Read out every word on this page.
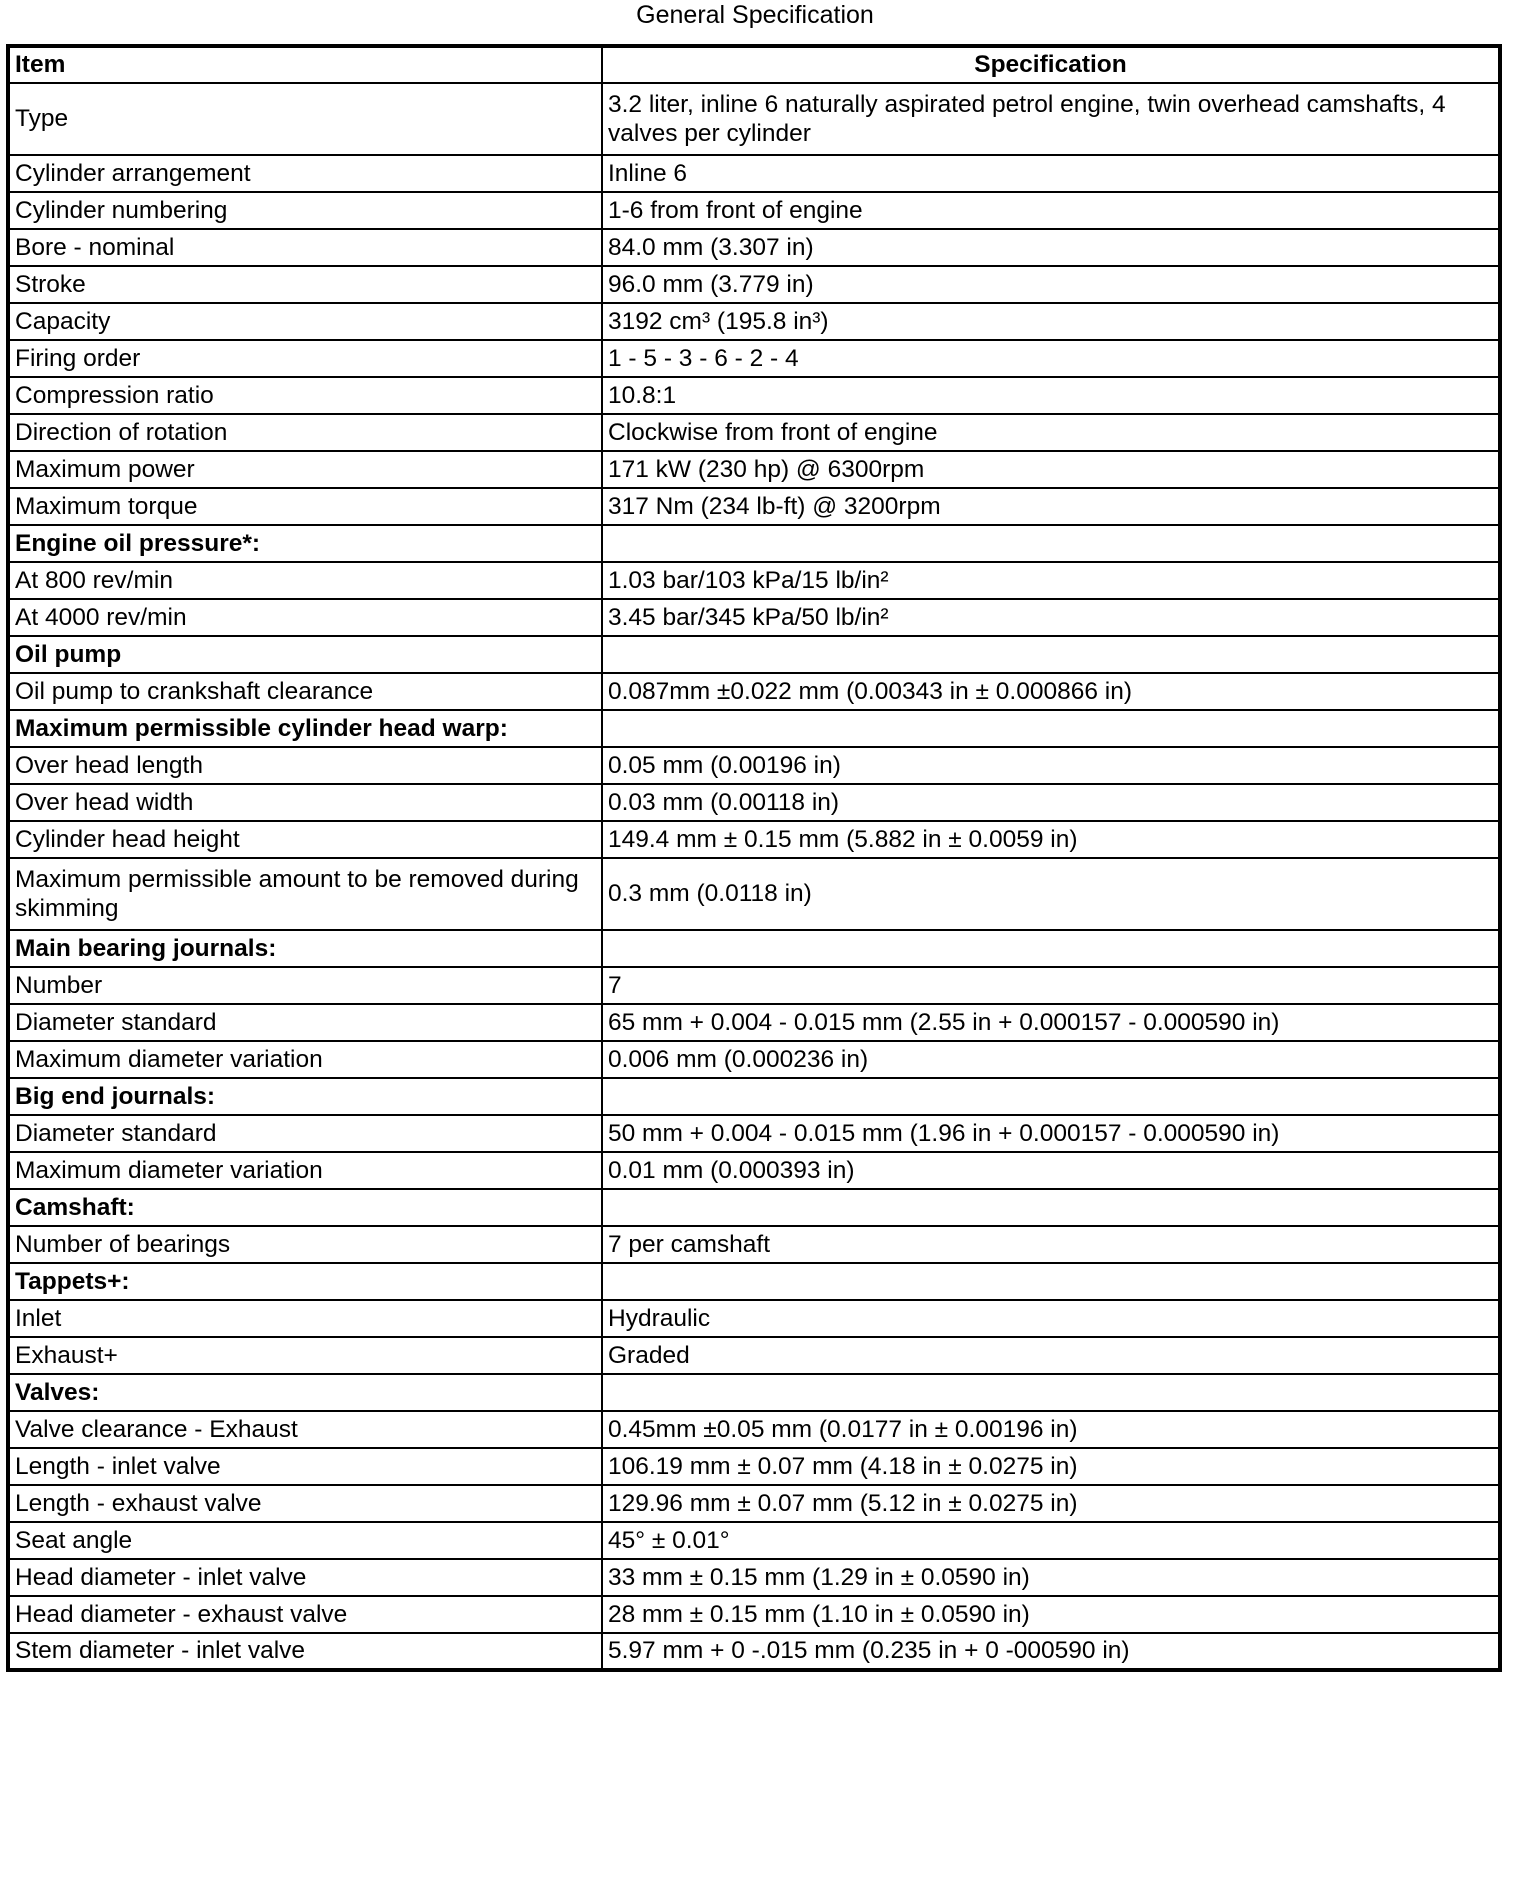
General Specification
Item	Specification
Type	3.2 liter, inline 6 naturally aspirated petrol engine, twin overhead camshafts, 4 valves per cylinder
Cylinder arrangement	Inline 6
Cylinder numbering	1-6 from front of engine
Bore - nominal	84.0 mm (3.307 in)
Stroke	96.0 mm (3.779 in)
Capacity	3192 cm³ (195.8 in³)
Firing order	1 - 5 - 3 - 6 - 2 - 4
Compression ratio	10.8:1
Direction of rotation	Clockwise from front of engine
Maximum power	171 kW (230 hp) @ 6300rpm
Maximum torque	317 Nm (234 lb-ft) @ 3200rpm
Engine oil pressure*:	
At 800 rev/min	1.03 bar/103 kPa/15 lb/in²
At 4000 rev/min	3.45 bar/345 kPa/50 lb/in²
Oil pump	
Oil pump to crankshaft clearance	0.087mm ±0.022 mm (0.00343 in ± 0.000866 in)
Maximum permissible cylinder head warp:	
Over head length	0.05 mm (0.00196 in)
Over head width	0.03 mm (0.00118 in)
Cylinder head height	149.4 mm ± 0.15 mm (5.882 in ± 0.0059 in)
Maximum permissible amount to be removed during skimming	0.3 mm (0.0118 in)
Main bearing journals:	
Number	7
Diameter standard	65 mm + 0.004 - 0.015 mm (2.55 in + 0.000157 - 0.000590 in)
Maximum diameter variation	0.006 mm (0.000236 in)
Big end journals:	
Diameter standard	50 mm + 0.004 - 0.015 mm (1.96 in + 0.000157 - 0.000590 in)
Maximum diameter variation	0.01 mm (0.000393 in)
Camshaft:	
Number of bearings	7 per camshaft
Tappets+:	
Inlet	Hydraulic
Exhaust+	Graded
Valves:	
Valve clearance - Exhaust	0.45mm ±0.05 mm (0.0177 in ± 0.00196 in)
Length - inlet valve	106.19 mm ± 0.07 mm (4.18 in ± 0.0275 in)
Length - exhaust valve	129.96 mm ± 0.07 mm (5.12 in ± 0.0275 in)
Seat angle	45° ± 0.01°
Head diameter - inlet valve	33 mm ± 0.15 mm (1.29 in ± 0.0590 in)
Head diameter - exhaust valve	28 mm ± 0.15 mm (1.10 in ± 0.0590 in)
Stem diameter - inlet valve	5.97 mm + 0 -.015 mm (0.235 in + 0 -000590 in)
